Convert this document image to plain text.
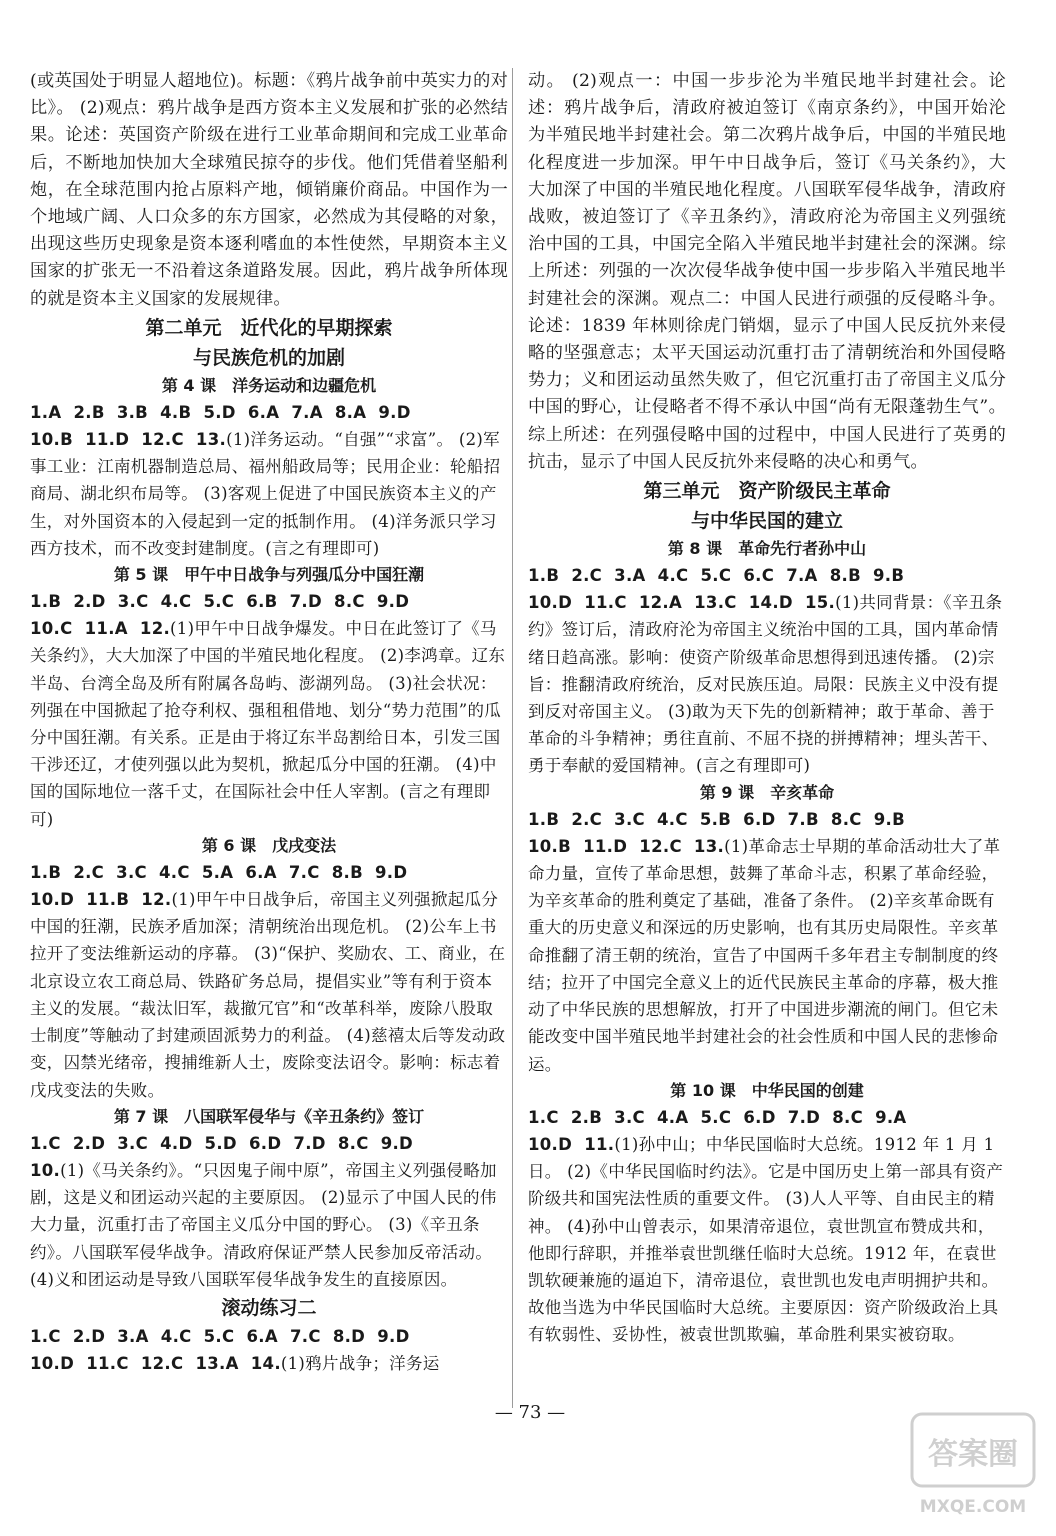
(或英国处于明显人超地位)。标题：《鸦片战争前中英实力的对比》。 (2)观点：鸦片战争是西方资本主义发展和扩张的必然结果。论述：英国资产阶级在进行工业革命期间和完成工业革命后，不断地加快加大全球殖民掠夺的步伐。他们凭借着坚船利炮，在全球范围内抢占原料产地，倾销廉价商品。中国作为一个地域广阔、人口众多的东方国家，必然成为其侵略的对象，出现这些历史现象是资本逐利嗜血的本性使然，早期资本主义国家的扩张无一不沿着这条道路发展。因此，鸦片战争所体现的就是资本主义国家的发展规律。

第二单元　近代化的早期探索

与民族危机的加剧

第 4 课　洋务运动和边疆危机

1.A  2.B  3.B  4.B  5.D  6.A  7.A  8.A  9.D

10.B  11.D  12.C  13.(1)洋务运动。“自强”“求富”。 (2)军事工业：江南机器制造总局、福州船政局等；民用企业：轮船招商局、湖北织布局等。 (3)客观上促进了中国民族资本主义的产生，对外国资本的入侵起到一定的抵制作用。 (4)洋务派只学习西方技术，而不改变封建制度。(言之有理即可)

第 5 课　甲午中日战争与列强瓜分中国狂潮

1.B  2.D  3.C  4.C  5.C  6.B  7.D  8.C  9.D

10.C  11.A  12.(1)甲午中日战争爆发。中日在此签订了《马关条约》，大大加深了中国的半殖民地化程度。 (2)李鸿章。辽东半岛、台湾全岛及所有附属各岛屿、澎湖列岛。 (3)社会状况：列强在中国掀起了抢夺利权、强租租借地、划分“势力范围”的瓜分中国狂潮。有关系。正是由于将辽东半岛割给日本，引发三国干涉还辽，才使列强以此为契机，掀起瓜分中国的狂潮。 (4)中国的国际地位一落千丈，在国际社会中任人宰割。(言之有理即可)

第 6 课　戊戌变法

1.B  2.C  3.C  4.C  5.A  6.A  7.C  8.B  9.D

10.D  11.B  12.(1)甲午中日战争后，帝国主义列强掀起瓜分中国的狂潮，民族矛盾加深；清朝统治出现危机。 (2)公车上书拉开了变法维新运动的序幕。 (3)“保护、奖励农、工、商业，在北京设立农工商总局、铁路矿务总局，提倡实业”等有利于资本主义的发展。“裁汰旧军，裁撤冗官”和“改革科举，废除八股取士制度”等触动了封建顽固派势力的利益。 (4)慈禧太后等发动政变，囚禁光绪帝，搜捕维新人士，废除变法诏令。影响：标志着戊戌变法的失败。

第 7 课　八国联军侵华与《辛丑条约》签订

1.C  2.D  3.C  4.D  5.D  6.D  7.D  8.C  9.D

10.(1)《马关条约》。“只因鬼子闹中原”，帝国主义列强侵略加剧，这是义和团运动兴起的主要原因。 (2)显示了中国人民的伟大力量，沉重打击了帝国主义瓜分中国的野心。 (3)《辛丑条约》。八国联军侵华战争。清政府保证严禁人民参加反帝活动。 (4)义和团运动是导致八国联军侵华战争发生的直接原因。

滚动练习二

1.C  2.D  3.A  4.C  5.C  6.A  7.C  8.D  9.D

10.D  11.C  12.C  13.A  14.(1)鸦片战争；洋务运

动。 (2)观点一：中国一步步沦为半殖民地半封建社会。论述：鸦片战争后，清政府被迫签订《南京条约》，中国开始沦为半殖民地半封建社会。第二次鸦片战争后，中国的半殖民地化程度进一步加深。甲午中日战争后，签订《马关条约》，大大加深了中国的半殖民地化程度。八国联军侵华战争，清政府战败，被迫签订了《辛丑条约》，清政府沦为帝国主义列强统治中国的工具，中国完全陷入半殖民地半封建社会的深渊。综上所述：列强的一次次侵华战争使中国一步步陷入半殖民地半封建社会的深渊。观点二：中国人民进行顽强的反侵略斗争。论述：1839 年林则徐虎门销烟，显示了中国人民反抗外来侵略的坚强意志；太平天国运动沉重打击了清朝统治和外国侵略势力；义和团运动虽然失败了，但它沉重打击了帝国主义瓜分中国的野心，让侵略者不得不承认中国“尚有无限蓬勃生气”。综上所述：在列强侵略中国的过程中，中国人民进行了英勇的抗击，显示了中国人民反抗外来侵略的决心和勇气。

第三单元　资产阶级民主革命

与中华民国的建立

第 8 课　革命先行者孙中山

1.B  2.C  3.A  4.C  5.C  6.C  7.A  8.B  9.B

10.D  11.C  12.A  13.C  14.D  15.(1)共同背景：《辛丑条约》签订后，清政府沦为帝国主义统治中国的工具，国内革命情绪日趋高涨。影响：使资产阶级革命思想得到迅速传播。 (2)宗旨：推翻清政府统治，反对民族压迫。局限：民族主义中没有提到反对帝国主义。 (3)敢为天下先的创新精神；敢于革命、善于革命的斗争精神；勇往直前、不屈不挠的拼搏精神；埋头苦干、勇于奉献的爱国精神。(言之有理即可)

第 9 课　辛亥革命

1.B  2.C  3.C  4.C  5.B  6.D  7.B  8.C  9.B

10.B  11.D  12.C  13.(1)革命志士早期的革命活动壮大了革命力量，宣传了革命思想，鼓舞了革命斗志，积累了革命经验，为辛亥革命的胜利奠定了基础，准备了条件。 (2)辛亥革命既有重大的历史意义和深远的历史影响，也有其历史局限性。辛亥革命推翻了清王朝的统治，宣告了中国两千多年君主专制制度的终结；拉开了中国完全意义上的近代民族民主革命的序幕，极大推动了中华民族的思想解放，打开了中国进步潮流的闸门。但它未能改变中国半殖民地半封建社会的社会性质和中国人民的悲惨命运。

第 10 课　中华民国的创建

1.C  2.B  3.C  4.A  5.C  6.D  7.D  8.C  9.A

10.D  11.(1)孙中山；中华民国临时大总统。1912 年 1 月 1 日。 (2)《中华民国临时约法》。它是中国历史上第一部具有资产阶级共和国宪法性质的重要文件。 (3)人人平等、自由民主的精神。 (4)孙中山曾表示，如果清帝退位，袁世凯宣布赞成共和，他即行辞职，并推举袁世凯继任临时大总统。1912 年，在袁世凯软硬兼施的逼迫下，清帝退位，袁世凯也发电声明拥护共和。故他当选为中华民国临时大总统。主要原因：资产阶级政治上具有软弱性、妥协性，被袁世凯欺骗，革命胜利果实被窃取。

— 73 —
答案圈
MXQE.COM
